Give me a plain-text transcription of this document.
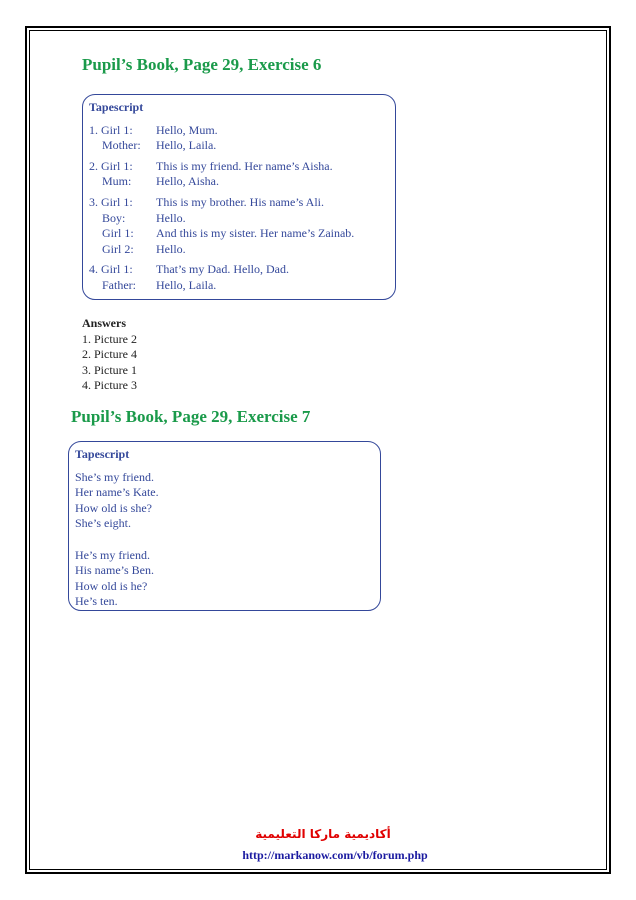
Pupil’s Book, Page 29, Exercise 6
Tapescript
1. Girl 1:	Hello, Mum.
Mother:	Hello, Laila.
2. Girl 1:	This is my friend. Her name’s Aisha.
Mum:	Hello, Aisha.
3. Girl 1:	This is my brother. His name’s Ali.
Boy:	Hello.
Girl 1:	And this is my sister. Her name’s Zainab.
Girl 2:	Hello.
4. Girl 1:	That’s my Dad. Hello, Dad.
Father:	Hello, Laila.
Answers
1. Picture 2
2. Picture 4
3. Picture 1
4. Picture 3
Pupil’s Book, Page 29, Exercise 7
Tapescript
She’s my friend.
Her name’s Kate.
How old is she?
She’s eight.
He’s my friend.
His name’s Ben.
How old is he?
He’s ten.
أكاديمية ماركا التعليمية
http://markanow.com/vb/forum.php
